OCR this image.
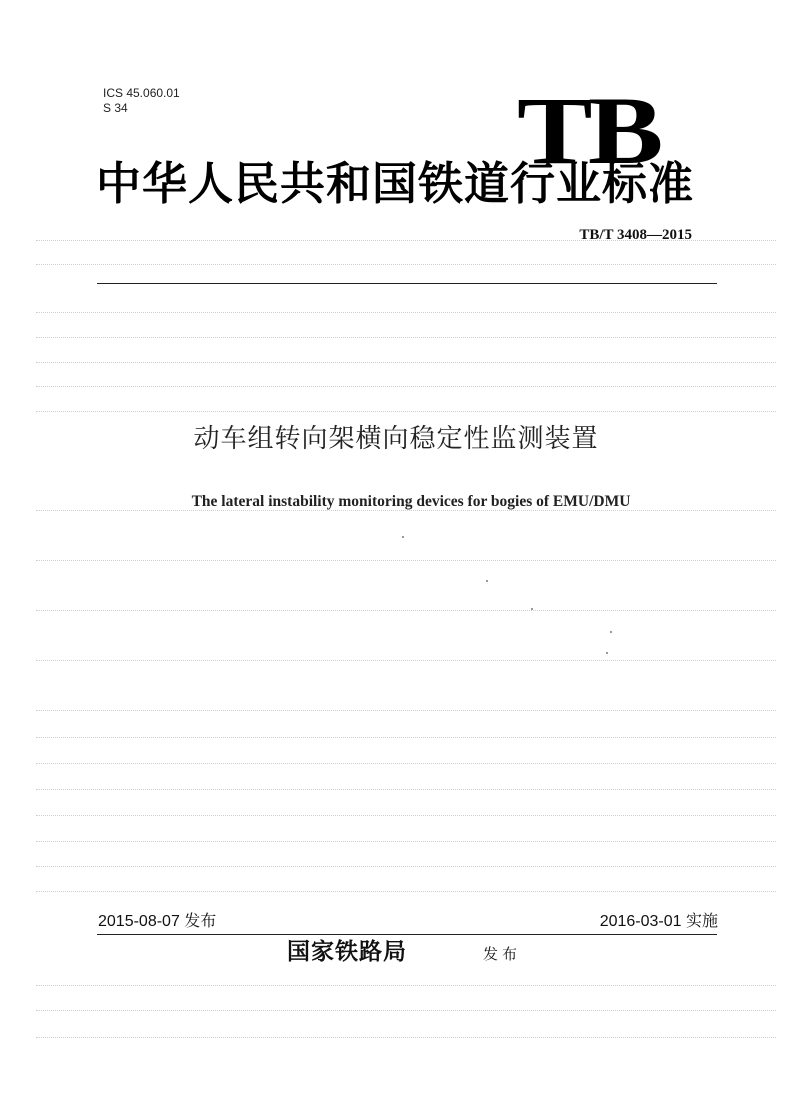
ICS 45.060.01
S 34	TB
中华人民共和国铁道行业标准
TB/T 3408—2015
动车组转向架横向稳定性监测装置
The lateral instability monitoring devices for bogies of EMU/DMU
2015-08-07 发布	2016-03-01 实施
国家铁路局	发布
